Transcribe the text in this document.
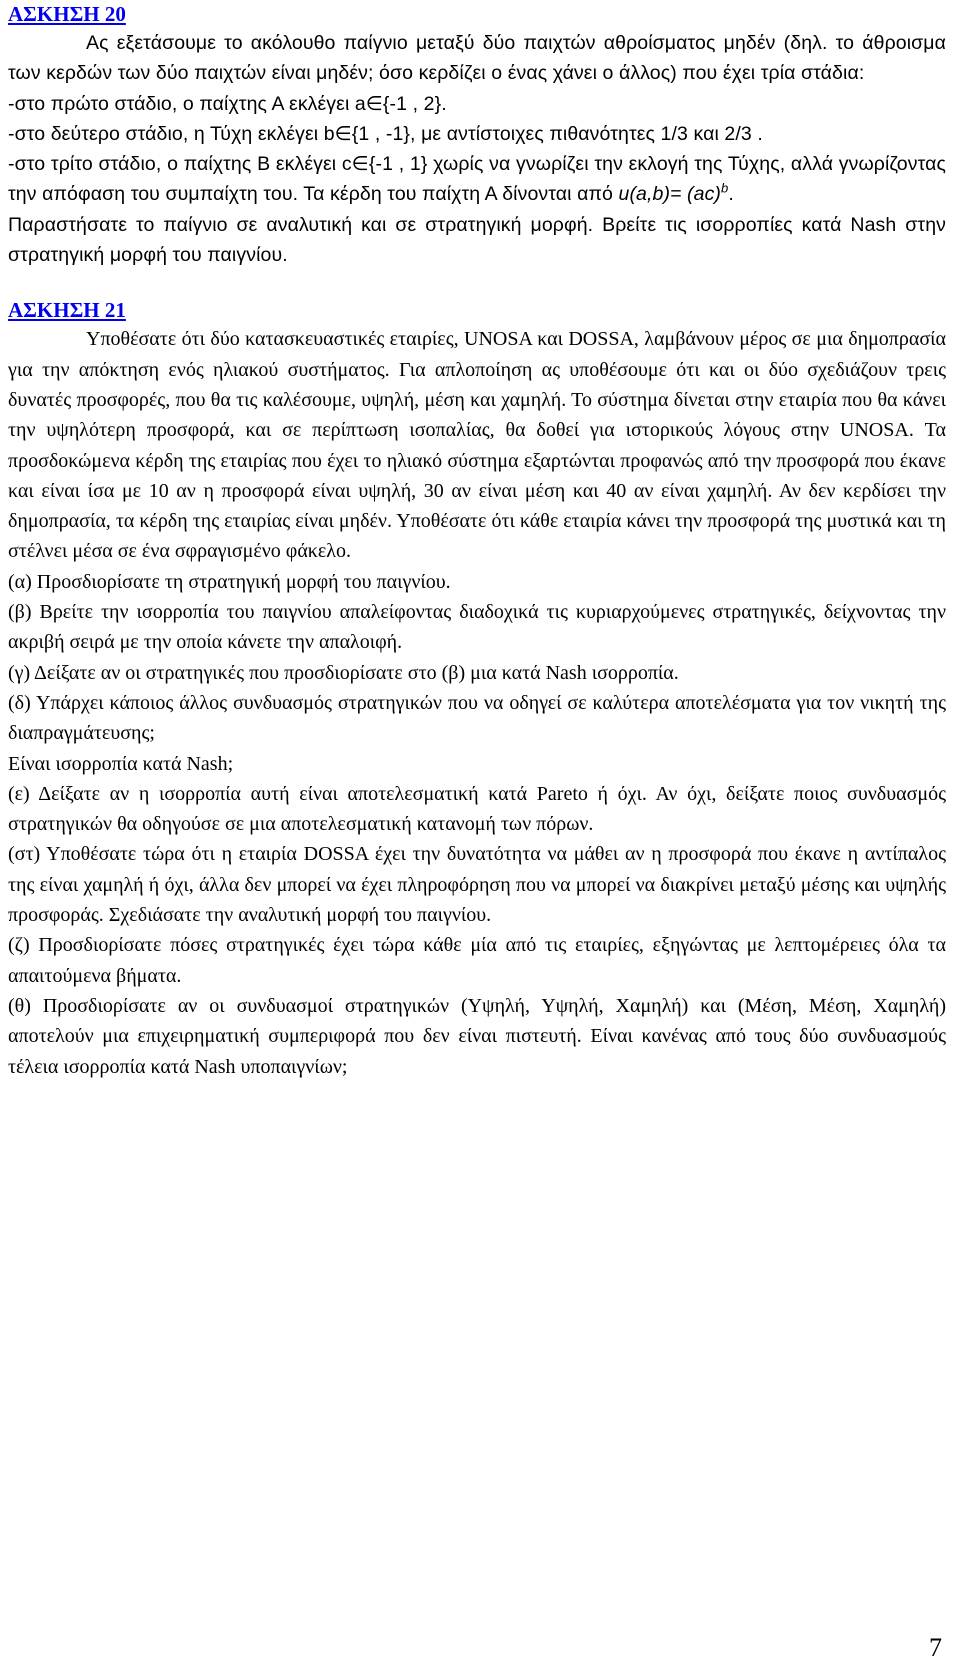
ΑΣΚΗΣΗ 20

Ας εξετάσουμε το ακόλουθο παίγνιο μεταξύ δύο παιχτών αθροίσματος μηδέν (δηλ. το άθροισμα των κερδών των δύο παιχτών είναι μηδέν; όσο κερδίζει ο ένας χάνει ο άλλος) που έχει τρία στάδια:

-στο πρώτο στάδιο, ο παίχτης Α εκλέγει a∈{-1 , 2}.

-στο δεύτερο στάδιο, η Τύχη εκλέγει b∈{1 , -1}, με αντίστοιχες πιθανότητες 1/3 και 2/3 .

-στο τρίτο στάδιο, ο παίχτης Β εκλέγει c∈{-1 , 1} χωρίς να γνωρίζει την εκλογή της Τύχης, αλλά γνωρίζοντας την απόφαση του συμπαίχτη του. Τα κέρδη του παίχτη Α δίνονται από u(a,b)= (ac)$^b$.

Παραστήσατε το παίγνιο σε αναλυτική και σε στρατηγική μορφή. Βρείτε τις ισορροπίες κατά Nash στην στρατηγική μορφή του παιγνίου.

ΑΣΚΗΣΗ 21

Υποθέσατε ότι δύο κατασκευαστικές εταιρίες, UNOSA και DOSSA, λαμβάνουν μέρος σε μια δημοπρασία για την απόκτηση ενός ηλιακού συστήματος. Για απλοποίηση ας υποθέσουμε ότι και οι δύο σχεδιάζουν τρεις δυνατές προσφορές, που θα τις καλέσουμε, υψηλή, μέση και χαμηλή. Το σύστημα δίνεται στην εταιρία που θα κάνει την υψηλότερη προσφορά, και σε περίπτωση ισοπαλίας, θα δοθεί για ιστορικούς λόγους στην UNOSA. Τα προσδοκώμενα κέρδη της εταιρίας που έχει το ηλιακό σύστημα εξαρτώνται προφανώς από την προσφορά που έκανε και είναι ίσα με 10 αν η προσφορά είναι υψηλή, 30 αν είναι μέση και 40 αν είναι χαμηλή. Αν δεν κερδίσει την δημοπρασία, τα κέρδη της εταιρίας είναι μηδέν. Υποθέσατε ότι κάθε εταιρία κάνει την προσφορά της μυστικά και τη στέλνει μέσα σε ένα σφραγισμένο φάκελο.

(α) Προσδιορίσατε τη στρατηγική μορφή του παιγνίου.

(β) Βρείτε την ισορροπία του παιγνίου απαλείφοντας διαδοχικά τις κυριαρχούμενες στρατηγικές, δείχνοντας την ακριβή σειρά με την οποία κάνετε την απαλοιφή.

(γ) Δείξατε αν οι στρατηγικές που προσδιορίσατε στο (β) μια κατά Nash ισορροπία.

(δ) Υπάρχει κάποιος άλλος συνδυασμός στρατηγικών που να οδηγεί σε καλύτερα αποτελέσματα για τον νικητή της διαπραγμάτευσης;

Είναι ισορροπία κατά Nash;

(ε) Δείξατε αν η ισορροπία αυτή είναι αποτελεσματική κατά Pareto ή όχι. Αν όχι, δείξατε ποιος συνδυασμός στρατηγικών θα οδηγούσε σε μια αποτελεσματική κατανομή των πόρων.

(στ) Υποθέσατε τώρα ότι η εταιρία DOSSA έχει την δυνατότητα να μάθει αν η προσφορά που έκανε η αντίπαλος της είναι χαμηλή ή όχι, άλλα δεν μπορεί να έχει πληροφόρηση που να μπορεί να διακρίνει μεταξύ μέσης και υψηλής προσφοράς. Σχεδιάσατε την αναλυτική μορφή του παιγνίου.

(ζ) Προσδιορίσατε πόσες στρατηγικές έχει τώρα κάθε μία από τις εταιρίες, εξηγώντας με λεπτομέρειες όλα τα απαιτούμενα βήματα.

(θ) Προσδιορίσατε αν οι συνδυασμοί στρατηγικών (Υψηλή, Υψηλή, Χαμηλή) και (Μέση, Μέση, Χαμηλή) αποτελούν μια επιχειρηματική συμπεριφορά που δεν είναι πιστευτή. Είναι κανένας από τους δύο συνδυασμούς τέλεια ισορροπία κατά Nash υποπαιγνίων;

7
